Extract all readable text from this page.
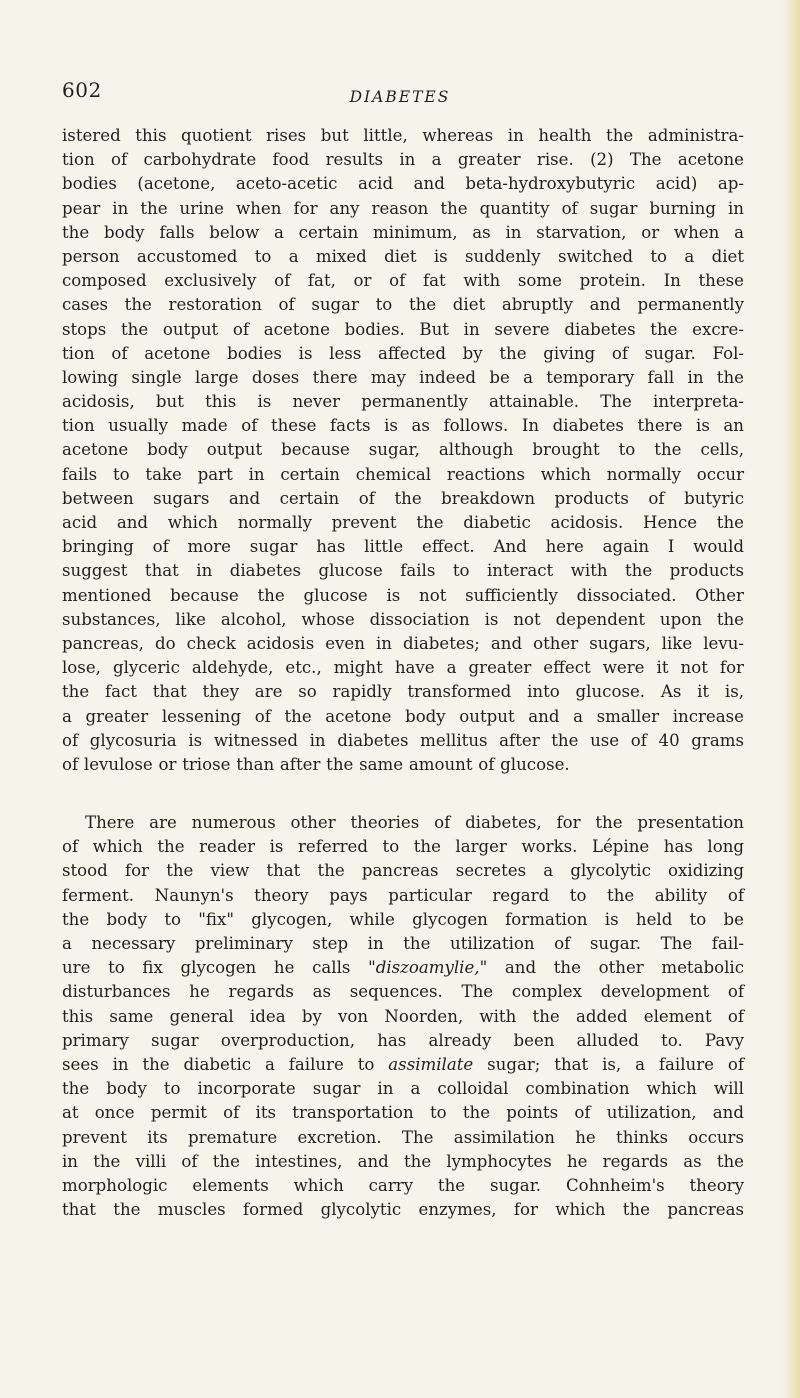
602	DIABETES
istered this quotient rises but little, whereas in health the administra-
tion of carbohydrate food results in a greater rise. (2) The acetone
bodies (acetone, aceto-acetic acid and beta-hydroxybutyric acid) ap-
pear in the urine when for any reason the quantity of sugar burning in
the body falls below a certain minimum, as in starvation, or when a
person accustomed to a mixed diet is suddenly switched to a diet
composed exclusively of fat, or of fat with some protein. In these
cases the restoration of sugar to the diet abruptly and permanently
stops the output of acetone bodies. But in severe diabetes the excre-
tion of acetone bodies is less affected by the giving of sugar. Fol-
lowing single large doses there may indeed be a temporary fall in the
acidosis, but this is never permanently attainable. The interpreta-
tion usually made of these facts is as follows. In diabetes there is an
acetone body output because sugar, although brought to the cells,
fails to take part in certain chemical reactions which normally occur
between sugars and certain of the breakdown products of butyric
acid and which normally prevent the diabetic acidosis. Hence the
bringing of more sugar has little effect. And here again I would
suggest that in diabetes glucose fails to interact with the products
mentioned because the glucose is not sufficiently dissociated. Other
substances, like alcohol, whose dissociation is not dependent upon the
pancreas, do check acidosis even in diabetes; and other sugars, like levu-
lose, glyceric aldehyde, etc., might have a greater effect were it not for
the fact that they are so rapidly transformed into glucose. As it is,
a greater lessening of the acetone body output and a smaller increase
of glycosuria is witnessed in diabetes mellitus after the use of 40 grams
of levulose or triose than after the same amount of glucose.
There are numerous other theories of diabetes, for the presentation
of which the reader is referred to the larger works. Lépine has long
stood for the view that the pancreas secretes a glycolytic oxidizing
ferment. Naunyn's theory pays particular regard to the ability of
the body to "fix" glycogen, while glycogen formation is held to be
a necessary preliminary step in the utilization of sugar. The fail-
ure to fix glycogen he calls "diszoamylie," and the other metabolic
disturbances he regards as sequences. The complex development of
this same general idea by von Noorden, with the added element of
primary sugar overproduction, has already been alluded to. Pavy
sees in the diabetic a failure to assimilate sugar; that is, a failure of
the body to incorporate sugar in a colloidal combination which will
at once permit of its transportation to the points of utilization, and
prevent its premature excretion. The assimilation he thinks occurs
in the villi of the intestines, and the lymphocytes he regards as the
morphologic elements which carry the sugar. Cohnheim's theory
that the muscles formed glycolytic enzymes, for which the pancreas
